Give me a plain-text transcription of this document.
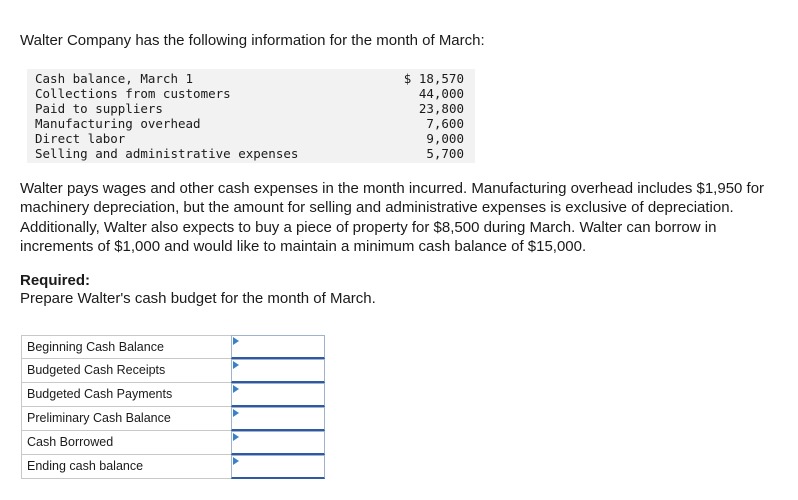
Walter Company has the following information for the month of March:
Cash balance, March 1	$ 18,570
Collections from customers	44,000
Paid to suppliers	23,800
Manufacturing overhead	7,600
Direct labor	9,000
Selling and administrative expenses	5,700
Walter pays wages and other cash expenses in the month incurred. Manufacturing overhead includes $1,950 for machinery depreciation, but the amount for selling and administrative expenses is exclusive of depreciation. Additionally, Walter also expects to buy a piece of property for $8,500 during March. Walter can borrow in increments of $1,000 and would like to maintain a minimum cash balance of $15,000.
Required:
Prepare Walter's cash budget for the month of March.
Beginning Cash Balance
Budgeted Cash Receipts
Budgeted Cash Payments
Preliminary Cash Balance
Cash Borrowed
Ending cash balance
